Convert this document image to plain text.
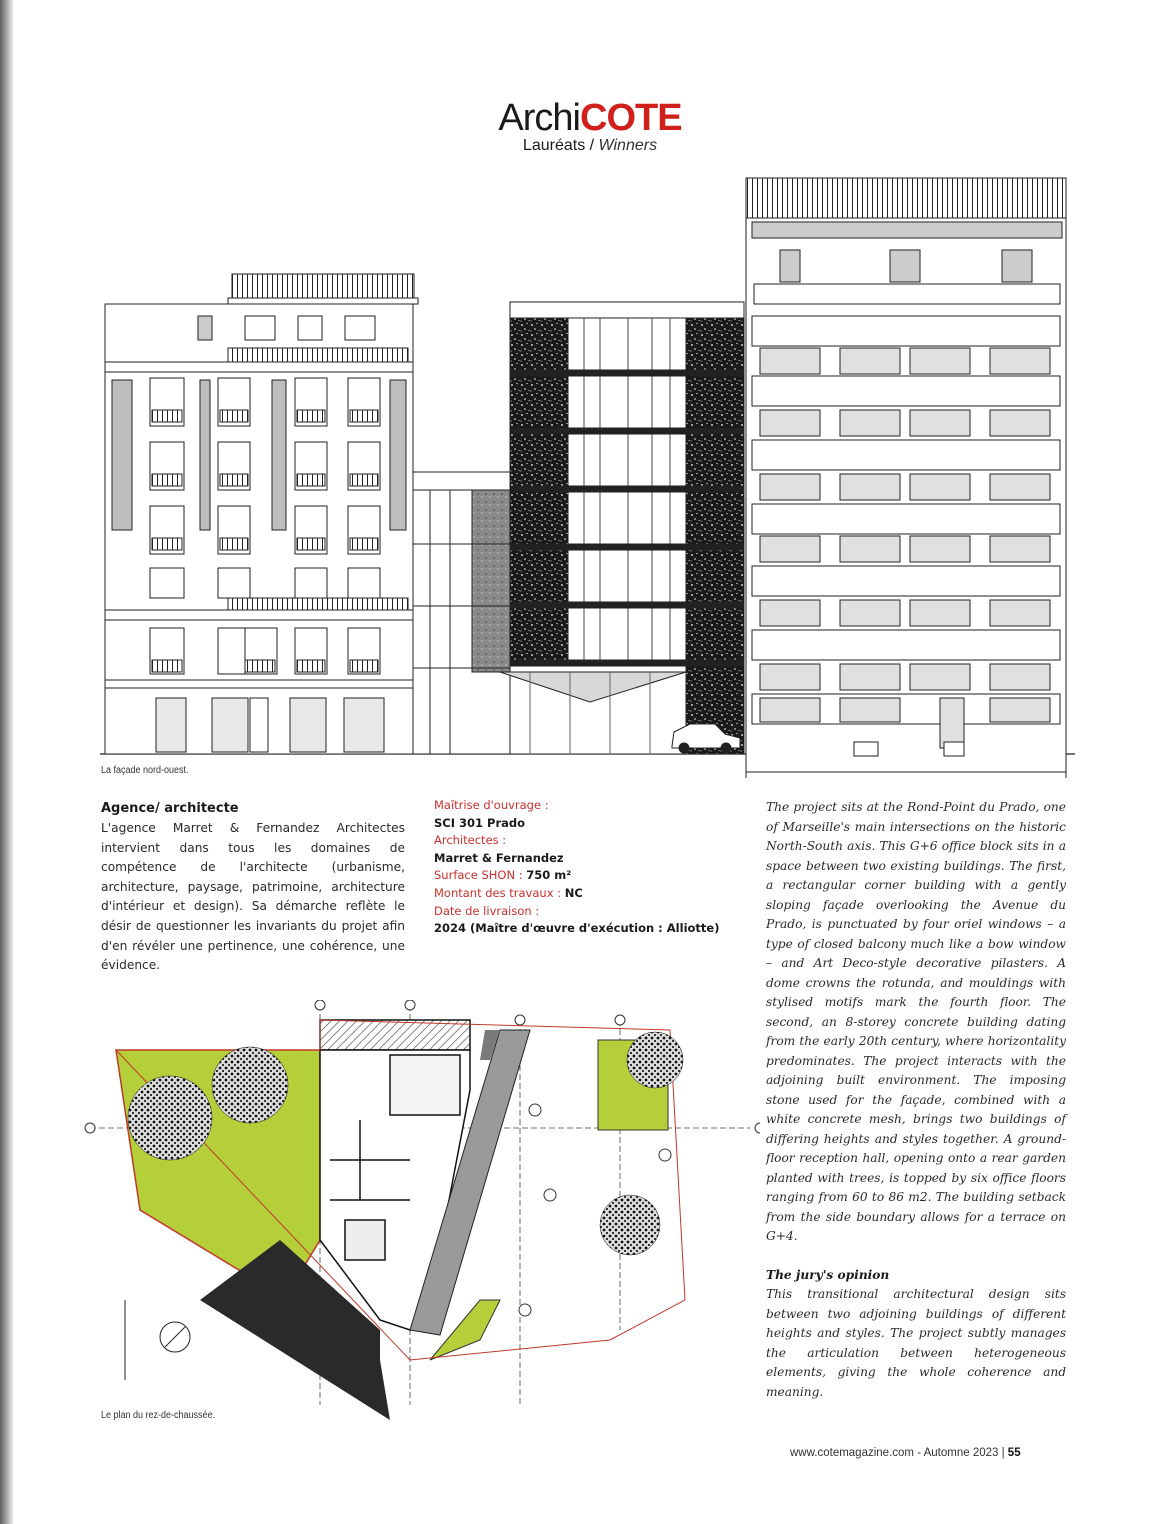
ArchiCOTE
Lauréats / Winners
La façade nord-ouest.
Agence/ architecte
L'agence Marret & Fernandez Architectes intervient dans tous les domaines de compétence de l'architecte (urbanisme, architecture, paysage, patrimoine, architecture d'intérieur et design). Sa démarche reflète le désir de questionner les invariants du projet afin d'en révéler une pertinence, une cohérence, une évidence.
Maîtrise d'ouvrage :
SCI 301 Prado
Architectes :
Marret & Fernandez
Surface SHON : 750 m²
Montant des travaux : NC
Date de livraison :
2024 (Maître d'œuvre d'exécution : Alliotte)
The project sits at the Rond-Point du Prado, one of Marseille's main intersections on the historic North-South axis. This G+6 office block sits in a space between two existing buildings. The first, a rectangular corner building with a gently sloping façade overlooking the Avenue du Prado, is punctuated by four oriel windows – a type of closed balcony much like a bow window – and Art Deco-style decorative pilasters. A dome crowns the rotunda, and mouldings with stylised motifs mark the fourth floor. The second, an 8-storey concrete building dating from the early 20th century, where horizontality predominates. The project interacts with the adjoining built environment. The imposing stone used for the façade, combined with a white concrete mesh, brings two buildings of differing heights and styles together. A ground-floor reception hall, opening onto a rear garden planted with trees, is topped by six office floors ranging from 60 to 86 m2. The building setback from the side boundary allows for a terrace on G+4.
The jury's opinion
This transitional architectural design sits between two adjoining buildings of different heights and styles. The project subtly manages the articulation between heterogeneous elements, giving the whole coherence and meaning.
Le plan du rez-de-chaussée.
www.cotemagazine.com - Automne 2023 | 55
